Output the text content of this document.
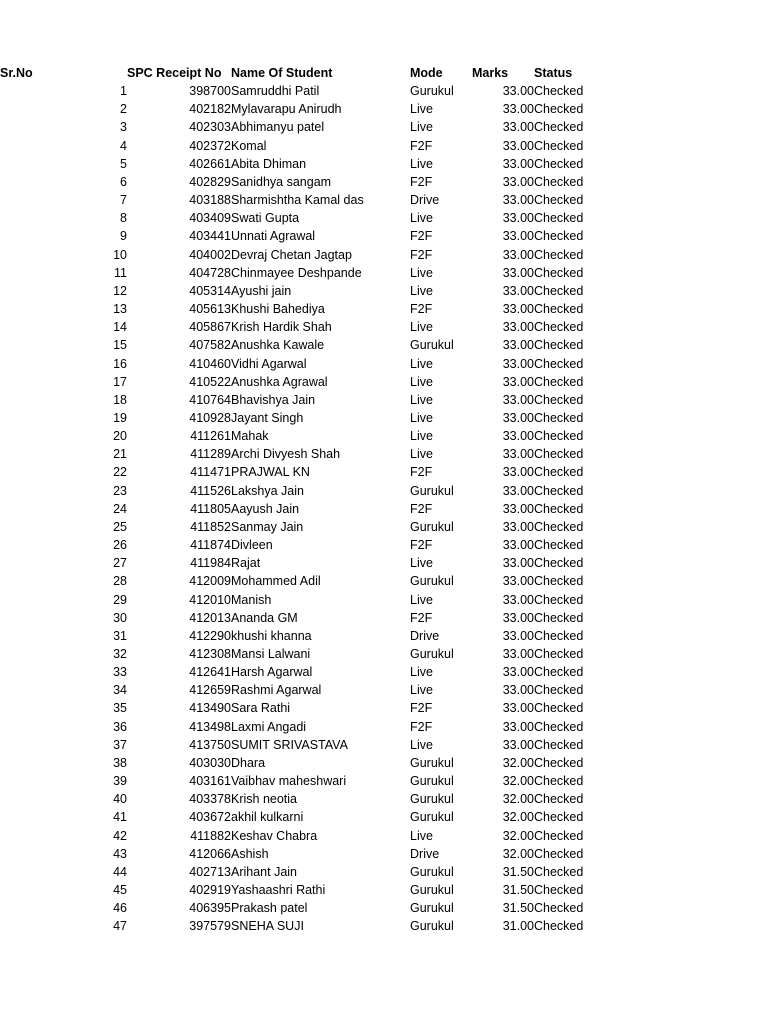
Sr.No	SPC Receipt No	Name Of Student	Mode	Marks	Status
1	398700	Samruddhi Patil	Gurukul	33.00	Checked
2	402182	Mylavarapu Anirudh	Live	33.00	Checked
3	402303	Abhimanyu patel	Live	33.00	Checked
4	402372	Komal	F2F	33.00	Checked
5	402661	Abita Dhiman	Live	33.00	Checked
6	402829	Sanidhya sangam	F2F	33.00	Checked
7	403188	Sharmishtha Kamal das	Drive	33.00	Checked
8	403409	Swati Gupta	Live	33.00	Checked
9	403441	Unnati Agrawal	F2F	33.00	Checked
10	404002	Devraj Chetan Jagtap	F2F	33.00	Checked
11	404728	Chinmayee Deshpande	Live	33.00	Checked
12	405314	Ayushi jain	Live	33.00	Checked
13	405613	Khushi Bahediya	F2F	33.00	Checked
14	405867	Krish Hardik Shah	Live	33.00	Checked
15	407582	Anushka Kawale	Gurukul	33.00	Checked
16	410460	Vidhi Agarwal	Live	33.00	Checked
17	410522	Anushka Agrawal	Live	33.00	Checked
18	410764	Bhavishya Jain	Live	33.00	Checked
19	410928	Jayant Singh	Live	33.00	Checked
20	411261	Mahak	Live	33.00	Checked
21	411289	Archi Divyesh Shah	Live	33.00	Checked
22	411471	PRAJWAL KN	F2F	33.00	Checked
23	411526	Lakshya Jain	Gurukul	33.00	Checked
24	411805	Aayush Jain	F2F	33.00	Checked
25	411852	Sanmay Jain	Gurukul	33.00	Checked
26	411874	Divleen	F2F	33.00	Checked
27	411984	Rajat	Live	33.00	Checked
28	412009	Mohammed Adil	Gurukul	33.00	Checked
29	412010	Manish	Live	33.00	Checked
30	412013	Ananda GM	F2F	33.00	Checked
31	412290	khushi khanna	Drive	33.00	Checked
32	412308	Mansi Lalwani	Gurukul	33.00	Checked
33	412641	Harsh Agarwal	Live	33.00	Checked
34	412659	Rashmi Agarwal	Live	33.00	Checked
35	413490	Sara Rathi	F2F	33.00	Checked
36	413498	Laxmi Angadi	F2F	33.00	Checked
37	413750	SUMIT SRIVASTAVA	Live	33.00	Checked
38	403030	Dhara	Gurukul	32.00	Checked
39	403161	Vaibhav maheshwari	Gurukul	32.00	Checked
40	403378	Krish neotia	Gurukul	32.00	Checked
41	403672	akhil kulkarni	Gurukul	32.00	Checked
42	411882	Keshav Chabra	Live	32.00	Checked
43	412066	Ashish	Drive	32.00	Checked
44	402713	Arihant Jain	Gurukul	31.50	Checked
45	402919	Yashaashri Rathi	Gurukul	31.50	Checked
46	406395	Prakash patel	Gurukul	31.50	Checked
47	397579	SNEHA SUJI	Gurukul	31.00	Checked
